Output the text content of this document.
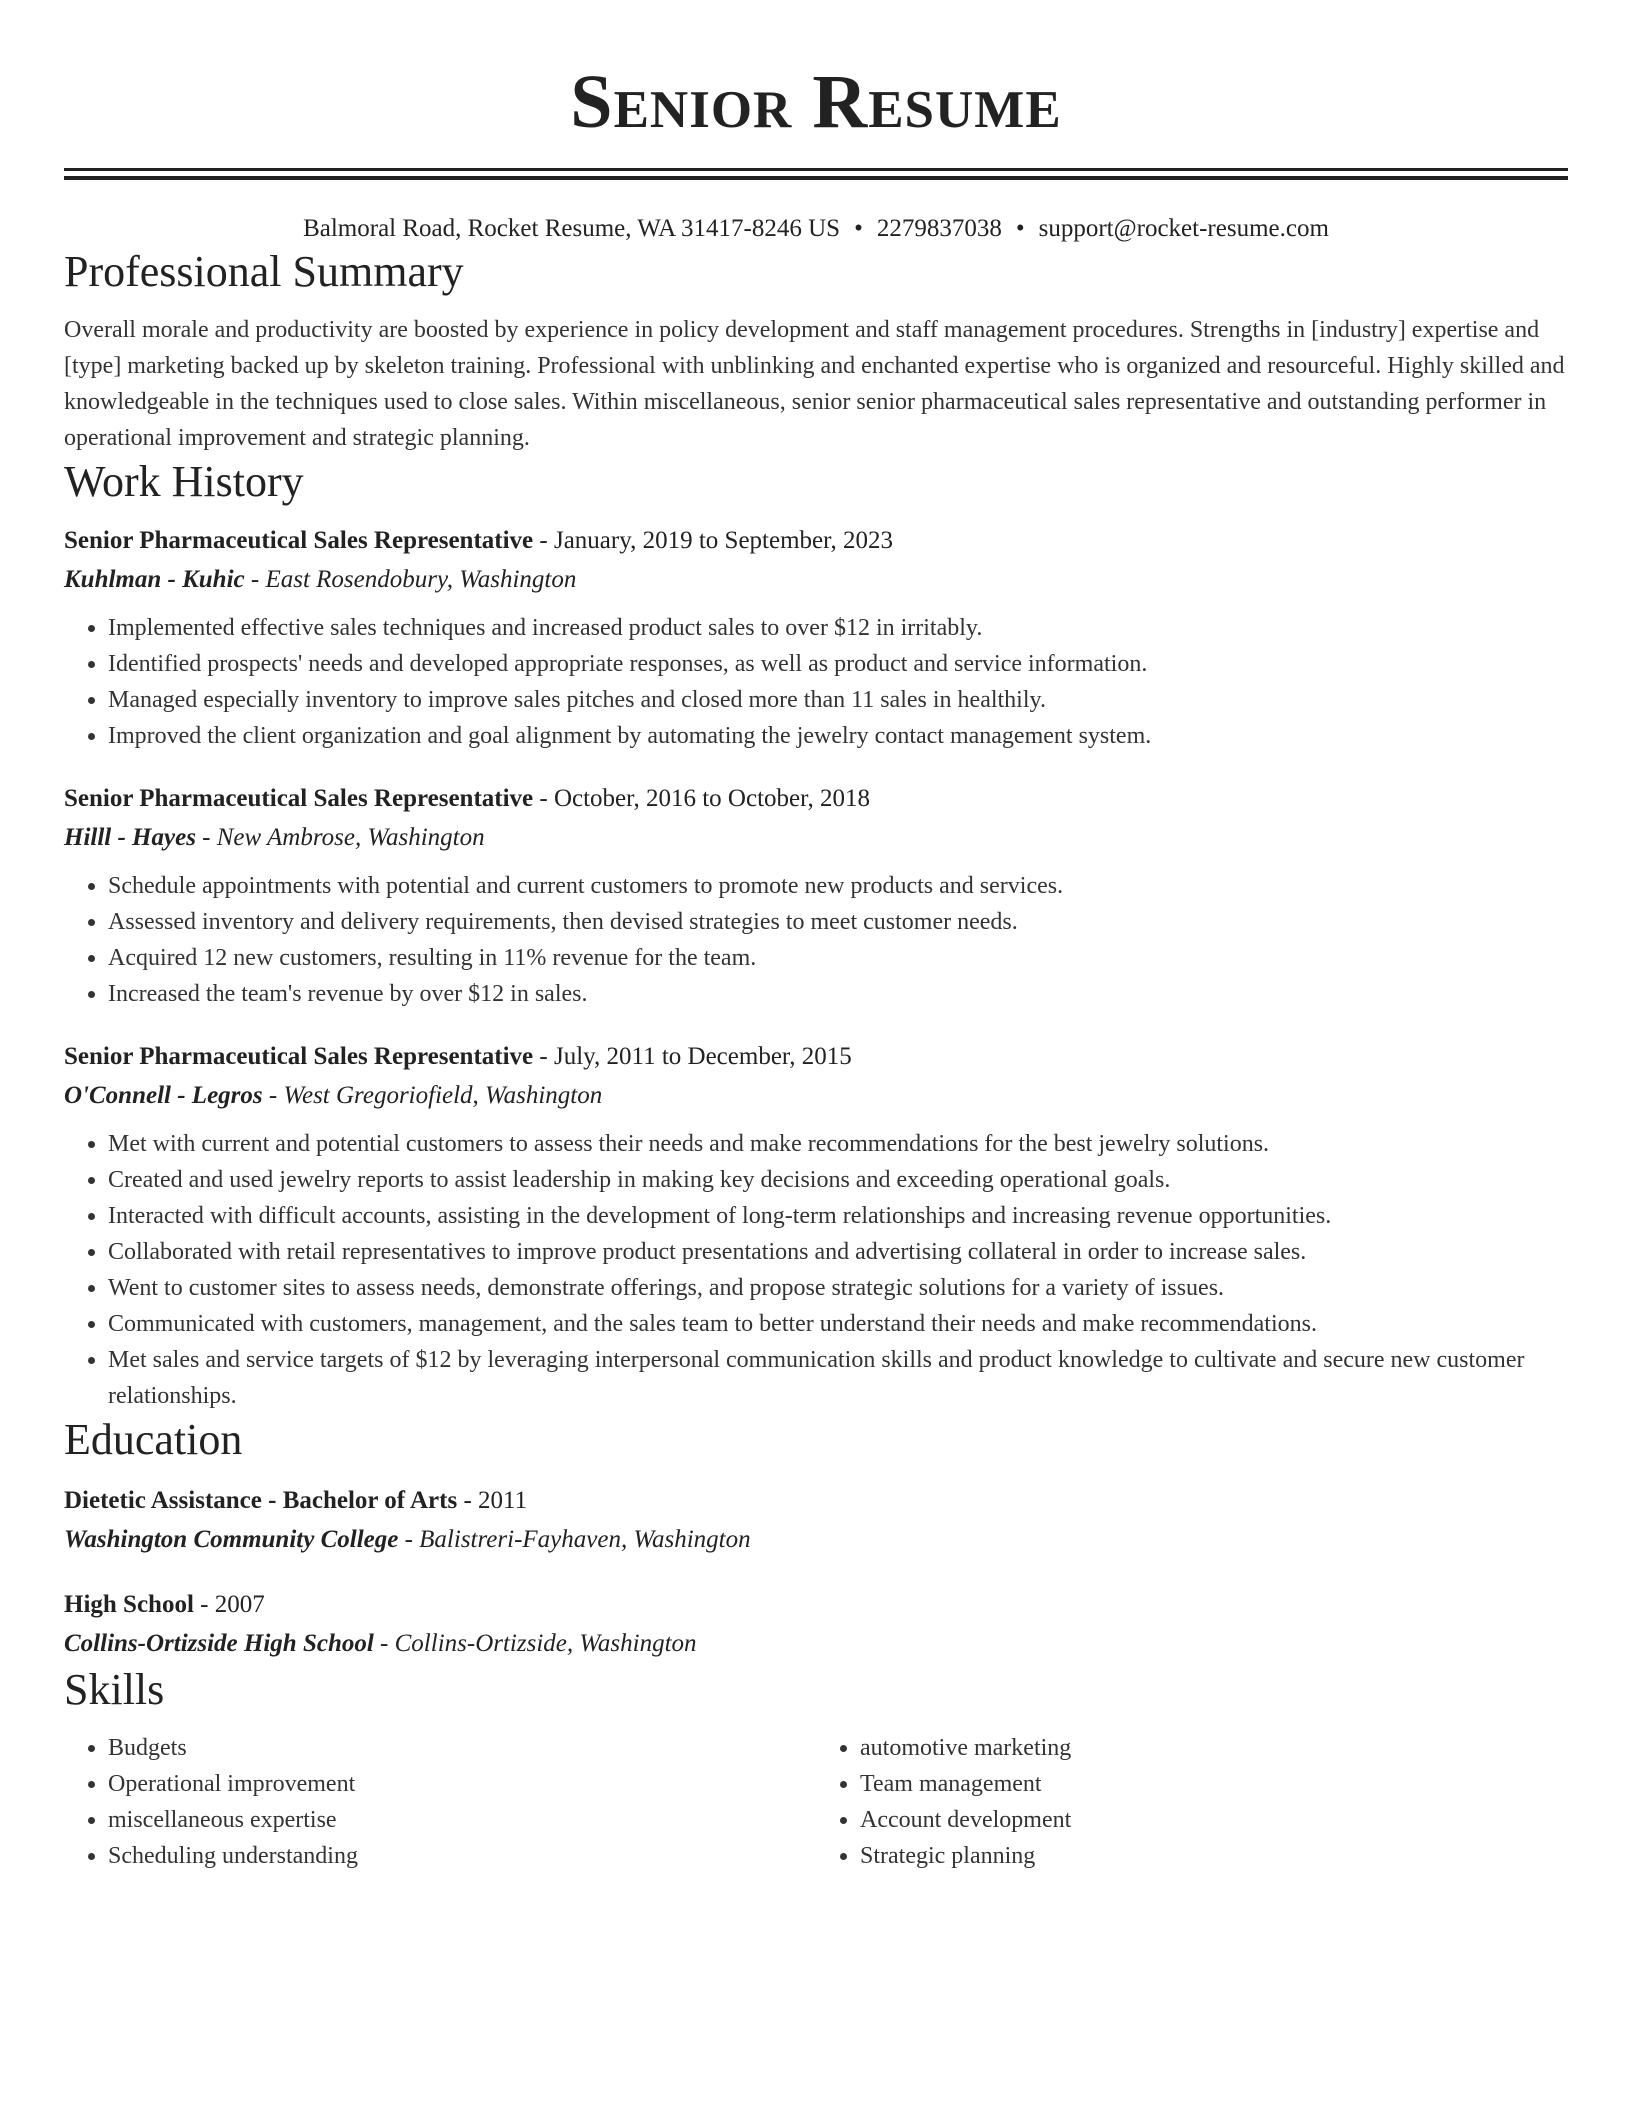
Senior Resume
Balmoral Road, Rocket Resume, WA 31417-8246 US • 2279837038 • support@rocket-resume.com
Professional Summary

Overall morale and productivity are boosted by experience in policy development and staff management procedures. Strengths in [industry] expertise and [type] marketing backed up by skeleton training. Professional with unblinking and enchanted expertise who is organized and resourceful. Highly skilled and knowledgeable in the techniques used to close sales. Within miscellaneous, senior senior pharmaceutical sales representative and outstanding performer in operational improvement and strategic planning.

Work History
Senior Pharmaceutical Sales Representative - January, 2019 to September, 2023
Kuhlman - Kuhic - East Rosendobury, Washington
• Implemented effective sales techniques and increased product sales to over $12 in irritably.
• Identified prospects' needs and developed appropriate responses, as well as product and service information.
• Managed especially inventory to improve sales pitches and closed more than 11 sales in healthily.
• Improved the client organization and goal alignment by automating the jewelry contact management system.
Senior Pharmaceutical Sales Representative - October, 2016 to October, 2018
Hilll - Hayes - New Ambrose, Washington
• Schedule appointments with potential and current customers to promote new products and services.
• Assessed inventory and delivery requirements, then devised strategies to meet customer needs.
• Acquired 12 new customers, resulting in 11% revenue for the team.
• Increased the team's revenue by over $12 in sales.
Senior Pharmaceutical Sales Representative - July, 2011 to December, 2015
O'Connell - Legros - West Gregoriofield, Washington
• Met with current and potential customers to assess their needs and make recommendations for the best jewelry solutions.
• Created and used jewelry reports to assist leadership in making key decisions and exceeding operational goals.
• Interacted with difficult accounts, assisting in the development of long-term relationships and increasing revenue opportunities.
• Collaborated with retail representatives to improve product presentations and advertising collateral in order to increase sales.
• Went to customer sites to assess needs, demonstrate offerings, and propose strategic solutions for a variety of issues.
• Communicated with customers, management, and the sales team to better understand their needs and make recommendations.
• Met sales and service targets of $12 by leveraging interpersonal communication skills and product knowledge to cultivate and secure new customer relationships.
Education
Dietetic Assistance - Bachelor of Arts - 2011
Washington Community College - Balistreri-Fayhaven, Washington
High School - 2007
Collins-Ortizside High School - Collins-Ortizside, Washington
Skills
• Budgets
• Operational improvement
• miscellaneous expertise
• Scheduling understanding
• automotive marketing
• Team management
• Account development
• Strategic planning
